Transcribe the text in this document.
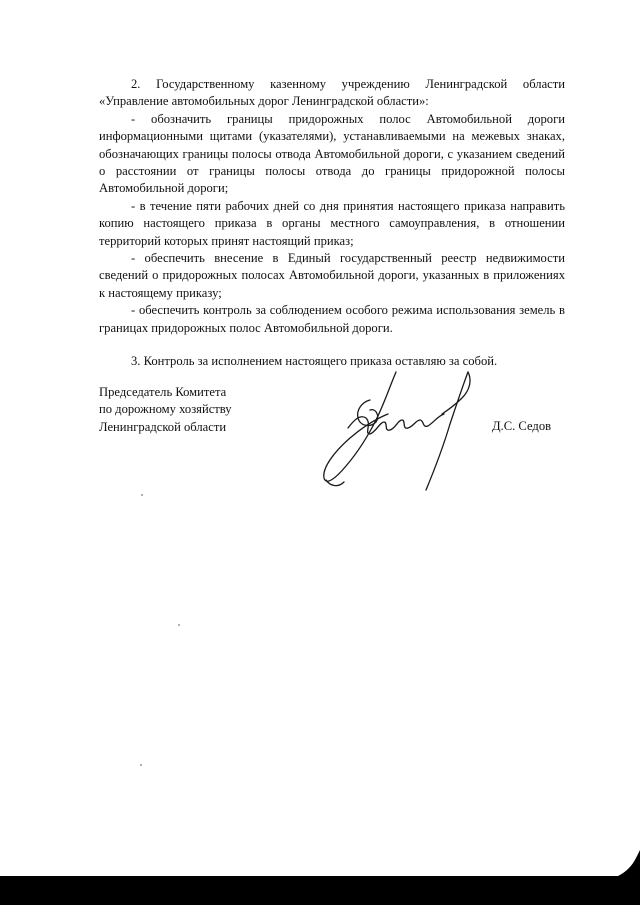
2. Государственному казенному учреждению Ленинградской области «Управление автомобильных дорог Ленинградской области»:

- обозначить границы придорожных полос Автомобильной дороги информационными щитами (указателями), устанавливаемыми на межевых знаках, обозначающих границы полосы отвода Автомобильной дороги, с указанием сведений о расстоянии от границы полосы отвода до границы придорожной полосы Автомобильной дороги;

- в течение пяти рабочих дней со дня принятия настоящего приказа направить копию настоящего приказа в органы местного самоуправления, в отношении территорий которых принят настоящий приказ;

- обеспечить внесение в Единый государственный реестр недвижимости сведений о придорожных полосах Автомобильной дороги, указанных в приложениях к настоящему приказу;

- обеспечить контроль за соблюдением особого режима использования земель в границах придорожных полос Автомобильной дороги.

3. Контроль за исполнением настоящего приказа оставляю за собой.

Председатель Комитета
по дорожному хозяйству
Ленинградской области	Д.С. Седов
